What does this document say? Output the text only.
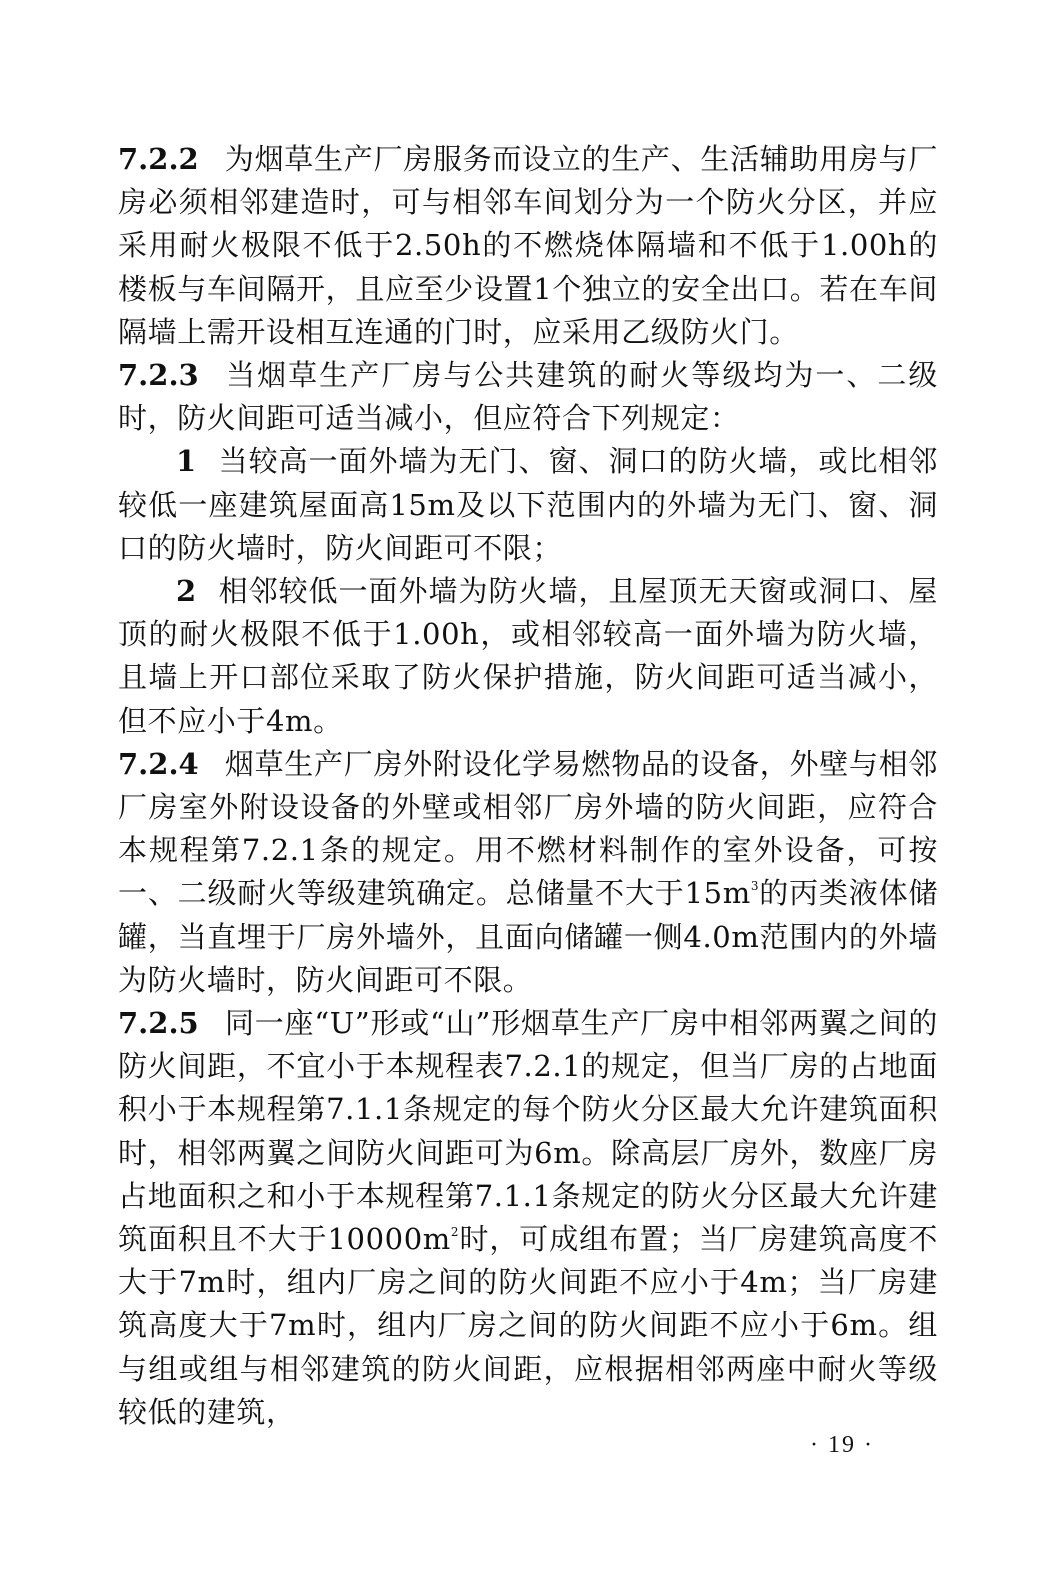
7.2.2 为烟草生产厂房服务而设立的生产、生活辅助用房与厂房必须相邻建造时，可与相邻车间划分为一个防火分区，并应采用耐火极限不低于2.50h的不燃烧体隔墙和不低于1.00h的楼板与车间隔开，且应至少设置1个独立的安全出口。若在车间隔墙上需开设相互连通的门时，应采用乙级防火门。

7.2.3 当烟草生产厂房与公共建筑的耐火等级均为一、二级时，防火间距可适当减小，但应符合下列规定：

1 当较高一面外墙为无门、窗、洞口的防火墙，或比相邻较低一座建筑屋面高15m及以下范围内的外墙为无门、窗、洞口的防火墙时，防火间距可不限；

2 相邻较低一面外墙为防火墙，且屋顶无天窗或洞口、屋顶的耐火极限不低于1.00h，或相邻较高一面外墙为防火墙，且墙上开口部位采取了防火保护措施，防火间距可适当减小，但不应小于4m。

7.2.4 烟草生产厂房外附设化学易燃物品的设备，外壁与相邻厂房室外附设设备的外壁或相邻厂房外墙的防火间距，应符合本规程第7.2.1条的规定。用不燃材料制作的室外设备，可按一、二级耐火等级建筑确定。总储量不大于$15m^3$的丙类液体储罐，当直埋于厂房外墙外，且面向储罐一侧4.0m范围内的外墙为防火墙时，防火间距可不限。

7.2.5 同一座“U”形或“山”形烟草生产厂房中相邻两翼之间的防火间距，不宜小于本规程表7.2.1的规定，但当厂房的占地面积小于本规程第7.1.1条规定的每个防火分区最大允许建筑面积时，相邻两翼之间防火间距可为6m。除高层厂房外，数座厂房占地面积之和小于本规程第7.1.1条规定的防火分区最大允许建筑面积且不大于$10000m^2$时，可成组布置；当厂房建筑高度不大于7m时，组内厂房之间的防火间距不应小于4m；当厂房建筑高度大于7m时，组内厂房之间的防火间距不应小于6m。组与组或组与相邻建筑的防火间距，应根据相邻两座中耐火等级较低的建筑，

· 19 ·
